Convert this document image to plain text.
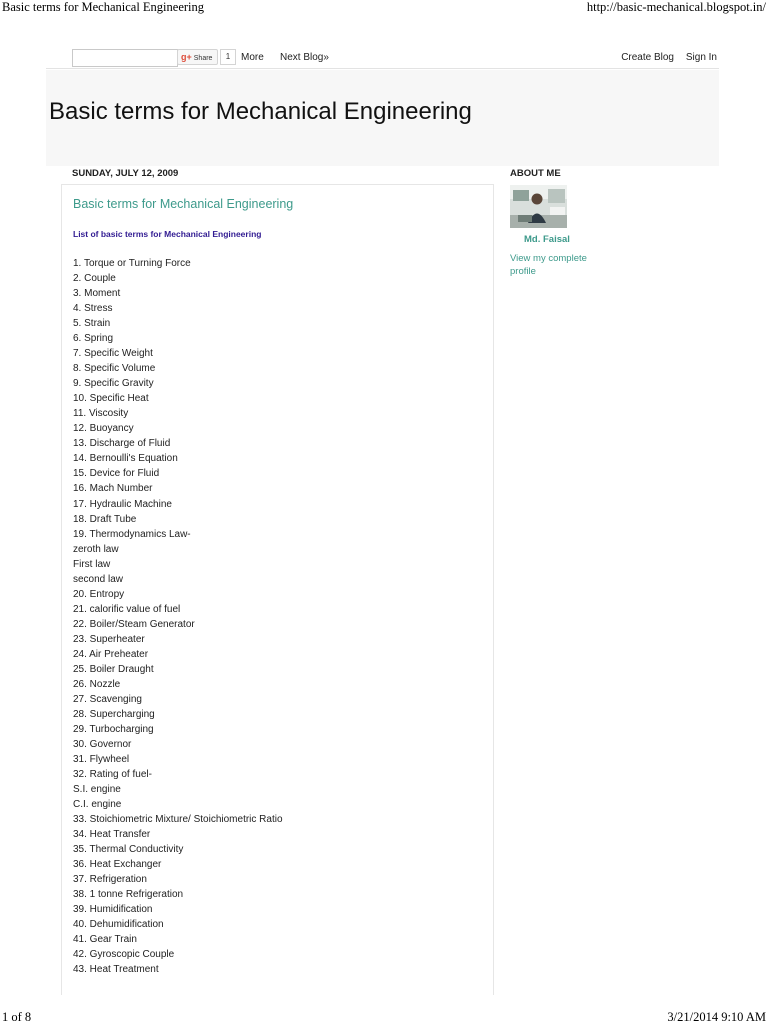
Basic terms for Mechanical Engineering	http://basic-mechanical.blogspot.in/
g+ Share	1	More Next Blog»	Create Blog Sign In
Basic terms for Mechanical Engineering
SUNDAY, JULY 12, 2009
Basic terms for Mechanical Engineering
List of basic terms for Mechanical Engineering
1. Torque or Turning Force
2. Couple
3. Moment
4. Stress
5. Strain
6. Spring
7. Specific Weight
8. Specific Volume
9. Specific Gravity
10. Specific Heat
11. Viscosity
12. Buoyancy
13. Discharge of Fluid
14. Bernoulli's Equation
15. Device for Fluid
16. Mach Number
17. Hydraulic Machine
18. Draft Tube
19. Thermodynamics Law-
zeroth law
First law
second law
20. Entropy
21. calorific value of fuel
22. Boiler/Steam Generator
23. Superheater
24. Air Preheater
25. Boiler Draught
26. Nozzle
27. Scavenging
28. Supercharging
29. Turbocharging
30. Governor
31. Flywheel
32. Rating of fuel-
S.I. engine
C.I. engine
33. Stoichiometric Mixture/ Stoichiometric Ratio
34. Heat Transfer
35. Thermal Conductivity
36. Heat Exchanger
37. Refrigeration
38. 1 tonne Refrigeration
39. Humidification
40. Dehumidification
41. Gear Train
42. Gyroscopic Couple
43. Heat Treatment
ABOUT ME
Md. Faisal
View my complete profile
1 of 8	3/21/2014 9:10 AM
